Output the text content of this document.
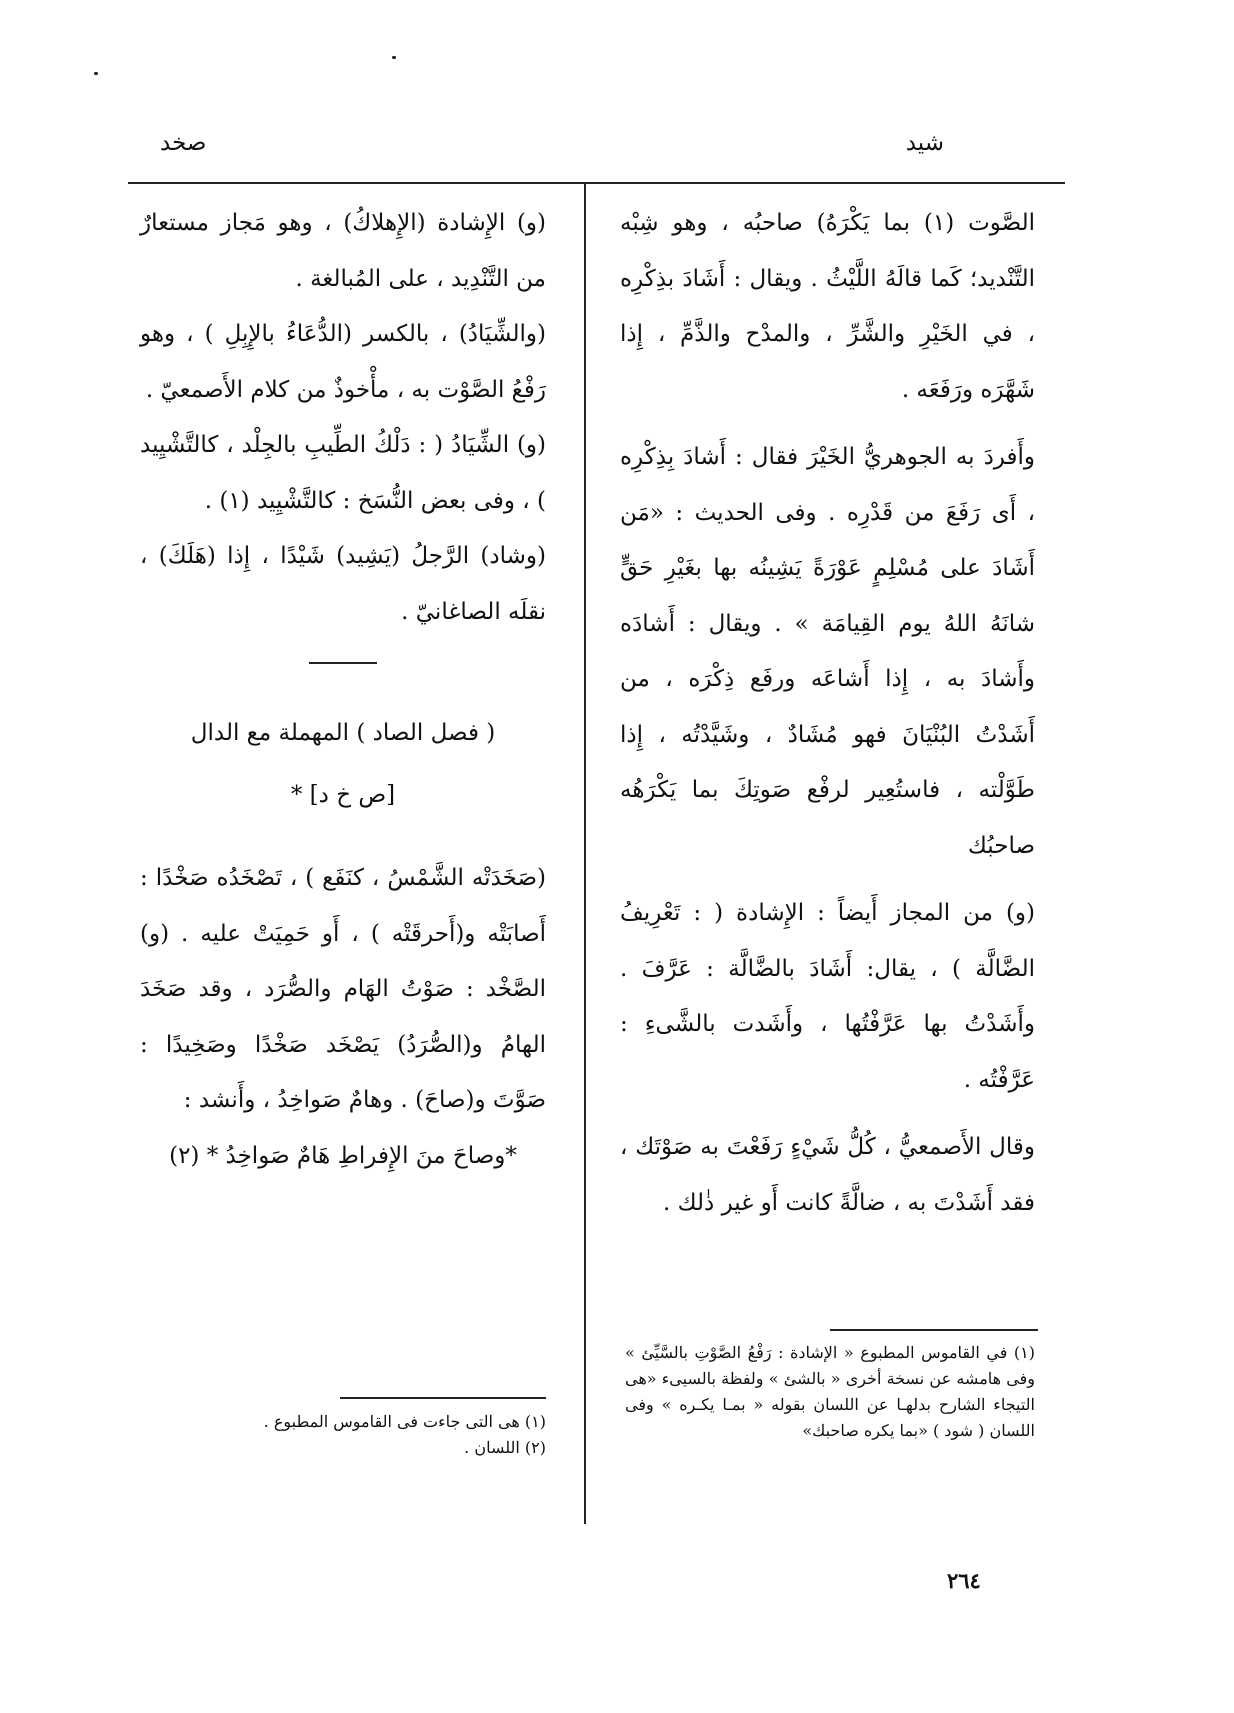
شيد
صخد

الصَّوت (١) بما يَكْرَهُ) صاحبُه ، وهو شِبْه التَّنْديد؛ كَما قالَهُ اللَّيْثُ . ويقال : أَشَادَ بذِكْرِه ، في الخَيْرِ والشَّرِّ ، والمدْح والذَّمِّ ، إِذا شَهَّرَه ورَفَعَه .

وأَفردَ به الجوهريُّ الخَيْرَ فقال : أَشادَ بِذِكْرِه ، أَى رَفَعَ من قَدْرِه . وفى الحديث : «مَن أَشَادَ على مُسْلِمٍ عَوْرَةً يَشِينُه بها بغَيْرِ حَقٍّ شانَهُ اللهُ يوم القِيامَة » . ويقال : أَشادَه وأَشادَ به ، إِذا أَشاعَه ورفَع ذِكْرَه ، من أَشَدْتُ البُنْيَانَ فهو مُشَادٌ ، وشَيَّدْتُه ، إِذا طَوَّلْته ، فاستُعِير لرفْع صَوتِكَ بما يَكْرَهُه صاحبُك

(و) من المجاز أَيضاً : الإِشادة ( : تَعْرِيفُ الضَّالَّة ) ، يقال: أَشَادَ بالضَّالَّة : عَرَّفَ . وأَشَدْتُ بها عَرَّفْتُها ، وأَشَدت بالشَّىءِ : عَرَّفْتُه .

وقال الأَصمعيُّ ، كُلُّ شَيْءٍ رَفَعْتَ به صَوْتَك ، فقد أَشَدْتَ به ، ضالَّةً كانت أَو غير ذٰلك .

(١) في القاموس المطبوع « الإشادة : رَفْعُ الصَّوْتِ بالسَّيِّئ » وفى هامشه عن نسخة أخرى « بالشئ » ولفظة بالسيىء «هى التيجاء الشارح بدلهـا عن اللسان بقوله « بمـا يكـره » وفى اللسان ( شود ) «بما يكره صاحبك»

(و) الإِشادة (الإِهلاكُ) ، وهو مَجاز مستعارٌ من التَّنْدِيد ، على المُبالغة .

(والشِّيَادُ) ، بالكسر (الدُّعَاءُ بالإِبِلِ ) ، وهو رَفْعُ الصَّوْت به ، مأْخوذٌ من كلام الأَصمعيّ .

(و) الشِّيَادُ ( : دَلْكُ الطِّيبِ بالجِلْد ، كالتَّشْيِيد ) ، وفى بعض النُّسَخ : كالتَّشْيِيد (١) .

(وشاد) الرَّجلُ (يَشِيد) شَيْدًا ، إِذا (هَلَكَ) ، نقلَه الصاغانيّ .

( فصل الصاد ) المهملة مع الدال

[ص خ د] *

(صَخَدَتْه الشَّمْسُ ، كنَفَع ) ، تَصْخَدُه صَخْدًا : أَصابَتْه و(أَحرقَتْه ) ، أَو حَمِيَتْ عليه . (و) الصَّخْد : صَوْتُ الهَام والصُّرَد ، وقد صَخَدَ الهامُ و(الصُّرَدُ) يَصْخَد صَخْدًا وصَخِيدًا : صَوَّتَ و(صاحَ) . وهامٌ صَواخِدُ ، وأَنشد :

*وصاحَ منَ الإِفراطِ هَامٌ صَواخِدُ * (٢)

(١) هى التى جاءت فى القاموس المطبوع .

(٢) اللسان .

٢٦٤
